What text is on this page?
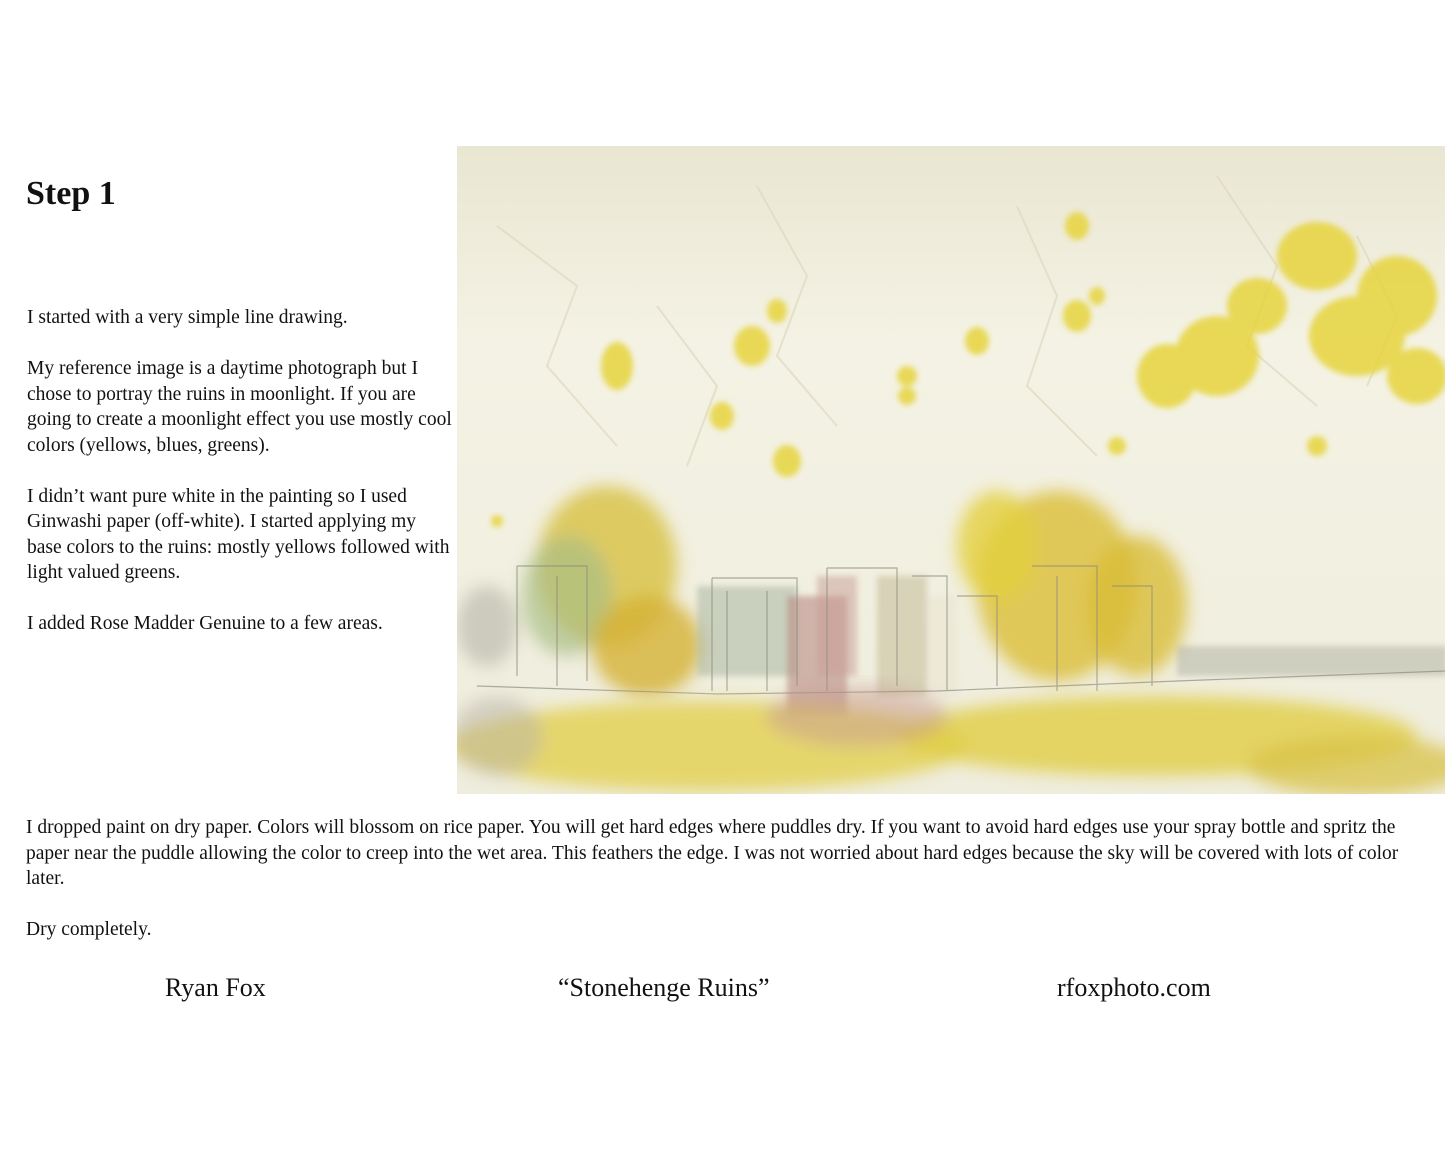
Step 1

I started with a very simple line drawing.

My reference image is a daytime photograph but I chose to portray the ruins in moonlight. If you are going to create a moonlight effect you use mostly cool colors (yellows, blues, greens).

I didn’t want pure white in the painting so I used Ginwashi paper (off-white). I started applying my base colors to the ruins: mostly yellows followed with light valued greens.

I added Rose Madder Genuine to a few areas.

I dropped paint on dry paper. Colors will blossom on rice paper. You will get hard edges where puddles dry. If you want to avoid hard edges use your spray bottle and spritz the paper near the puddle allowing the color to creep into the wet area. This feathers the edge. I was not worried about hard edges because the sky will be covered with lots of color later.

Dry completely.

Ryan Fox	“Stonehenge Ruins”	rfoxphoto.com
